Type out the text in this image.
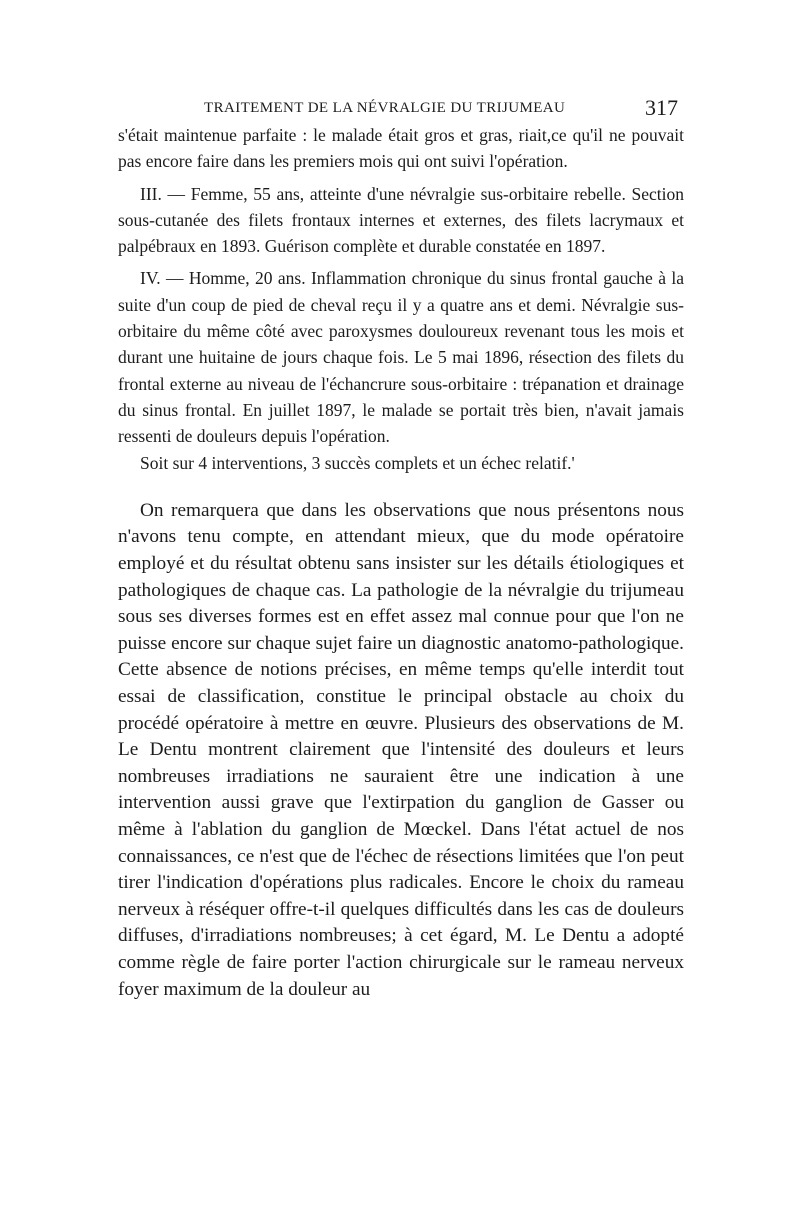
TRAITEMENT DE LA NÉVRALGIE DU TRIJUMEAU	317

s'était maintenue parfaite : le malade était gros et gras, riait,ce qu'il ne pouvait pas encore faire dans les premiers mois qui ont suivi l'opération.

III. — Femme, 55 ans, atteinte d'une névralgie sus-orbitaire rebelle. Section sous-cutanée des filets frontaux internes et externes, des filets lacrymaux et palpébraux en 1893. Guérison complète et durable constatée en 1897.

IV. — Homme, 20 ans. Inflammation chronique du sinus frontal gauche à la suite d'un coup de pied de cheval reçu il y a quatre ans et demi. Névralgie sus-orbitaire du même côté avec paroxysmes douloureux revenant tous les mois et durant une huitaine de jours chaque fois. Le 5 mai 1896, résection des filets du frontal externe au niveau de l'échancrure sous-orbitaire : trépanation et drainage du sinus frontal. En juillet 1897, le malade se portait très bien, n'avait jamais ressenti de douleurs depuis l'opération.

Soit sur 4 interventions, 3 succès complets et un échec relatif.'

On remarquera que dans les observations que nous présentons nous n'avons tenu compte, en attendant mieux, que du mode opératoire employé et du résultat obtenu sans insister sur les détails étiologiques et pathologiques de chaque cas. La pathologie de la névralgie du trijumeau sous ses diverses formes est en effet assez mal connue pour que l'on ne puisse encore sur chaque sujet faire un diagnostic anatomo-pathologique. Cette absence de notions précises, en même temps qu'elle interdit tout essai de classification, constitue le principal obstacle au choix du procédé opératoire à mettre en œuvre. Plusieurs des observations de M. Le Dentu montrent clairement que l'intensité des douleurs et leurs nombreuses irradiations ne sauraient être une indication à une intervention aussi grave que l'extirpation du ganglion de Gasser ou même à l'ablation du ganglion de Mœckel. Dans l'état actuel de nos connaissances, ce n'est que de l'échec de résections limitées que l'on peut tirer l'indication d'opérations plus radicales. Encore le choix du rameau nerveux à réséquer offre-t-il quelques difficultés dans les cas de douleurs diffuses, d'irradiations nombreuses; à cet égard, M. Le Dentu a adopté comme règle de faire porter l'action chirurgicale sur le rameau nerveux foyer maximum de la douleur au
